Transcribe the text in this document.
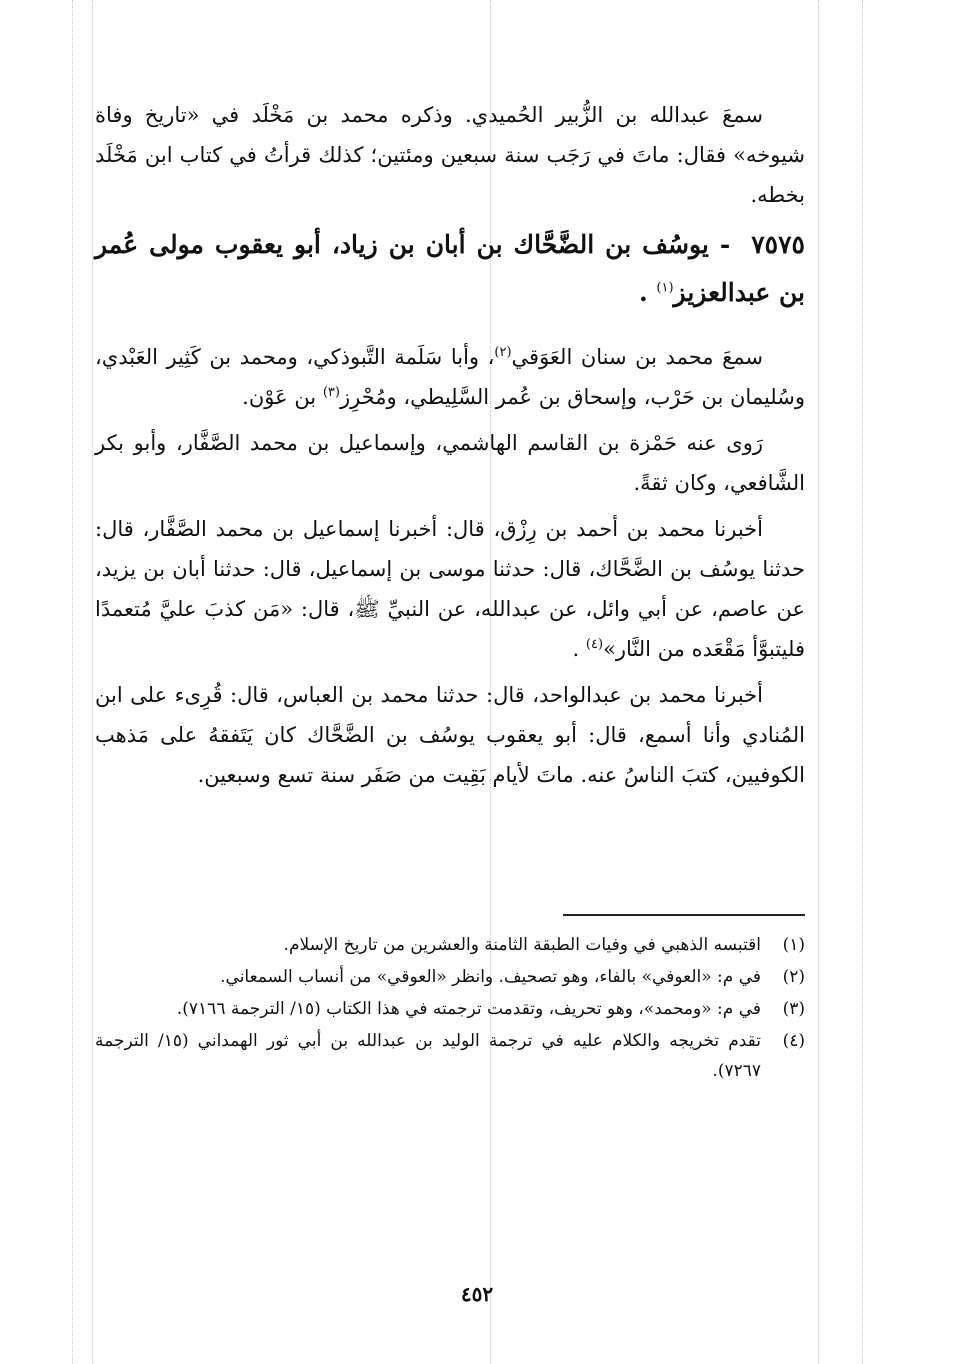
سمعَ عبدالله بن الزُّبير الحُميدي. وذكره محمد بن مَخْلَد في «تاريخ وفاة شيوخه» فقال: ماتَ في رَجَب سنة سبعين ومئتين؛ كذلك قرأتُ في كتاب ابن مَخْلَد بخطه.

٧٥٧٥ - يوسُف بن الضَّحَّاك بن أبان بن زياد، أبو يعقوب مولى عُمر بن عبدالعزيز$^{(١)}$ .

سمعَ محمد بن سنان العَوَقي$^{(٢)}$، وأبا سَلَمة التَّبوذكي، ومحمد بن كَثِير العَبْدي، وسُليمان بن حَرْب، وإسحاق بن عُمر السَّلِيطي، ومُحْرِز$^{(٣)}$ بن عَوْن.

رَوى عنه حَمْزة بن القاسم الهاشمي، وإسماعيل بن محمد الصَّفَّار، وأبو بكر الشَّافعي، وكان ثقةً.

أخبرنا محمد بن أحمد بن رِزْق، قال: أخبرنا إسماعيل بن محمد الصَّفَّار، قال: حدثنا يوسُف بن الضَّحَّاك، قال: حدثنا موسى بن إسماعيل، قال: حدثنا أبان بن يزيد، عن عاصم، عن أبي وائل، عن عبدالله، عن النبيِّ ﷺ، قال: «مَن كذبَ عليَّ مُتعمدًا فليتبوَّأ مَقْعَده من النَّار»$^{(٤)}$ .

أخبرنا محمد بن عبدالواحد، قال: حدثنا محمد بن العباس، قال: قُرِىء على ابن المُنادي وأنا أسمع، قال: أبو يعقوب يوسُف بن الضَّحَّاك كان يَتَفقهُ على مَذهب الكوفيين، كتبَ الناسُ عنه. ماتَ لأيام بَقِيت من صَفَر سنة تسع وسبعين.

(١)
اقتبسه الذهبي في وفيات الطبقة الثامنة والعشرين من تاريخ الإسلام.
(٢)
في م: «العوفي» بالفاء، وهو تصحيف. وانظر «العوقي» من أنساب السمعاني.
(٣)
في م: «ومحمد»، وهو تحريف، وتقدمت ترجمته في هذا الكتاب (١٥/ الترجمة ٧١٦٦).
(٤)
تقدم تخريجه والكلام عليه في ترجمة الوليد بن عبدالله بن أبي ثور الهمداني (١٥/ الترجمة ٧٢٦٧).
٤٥٢
